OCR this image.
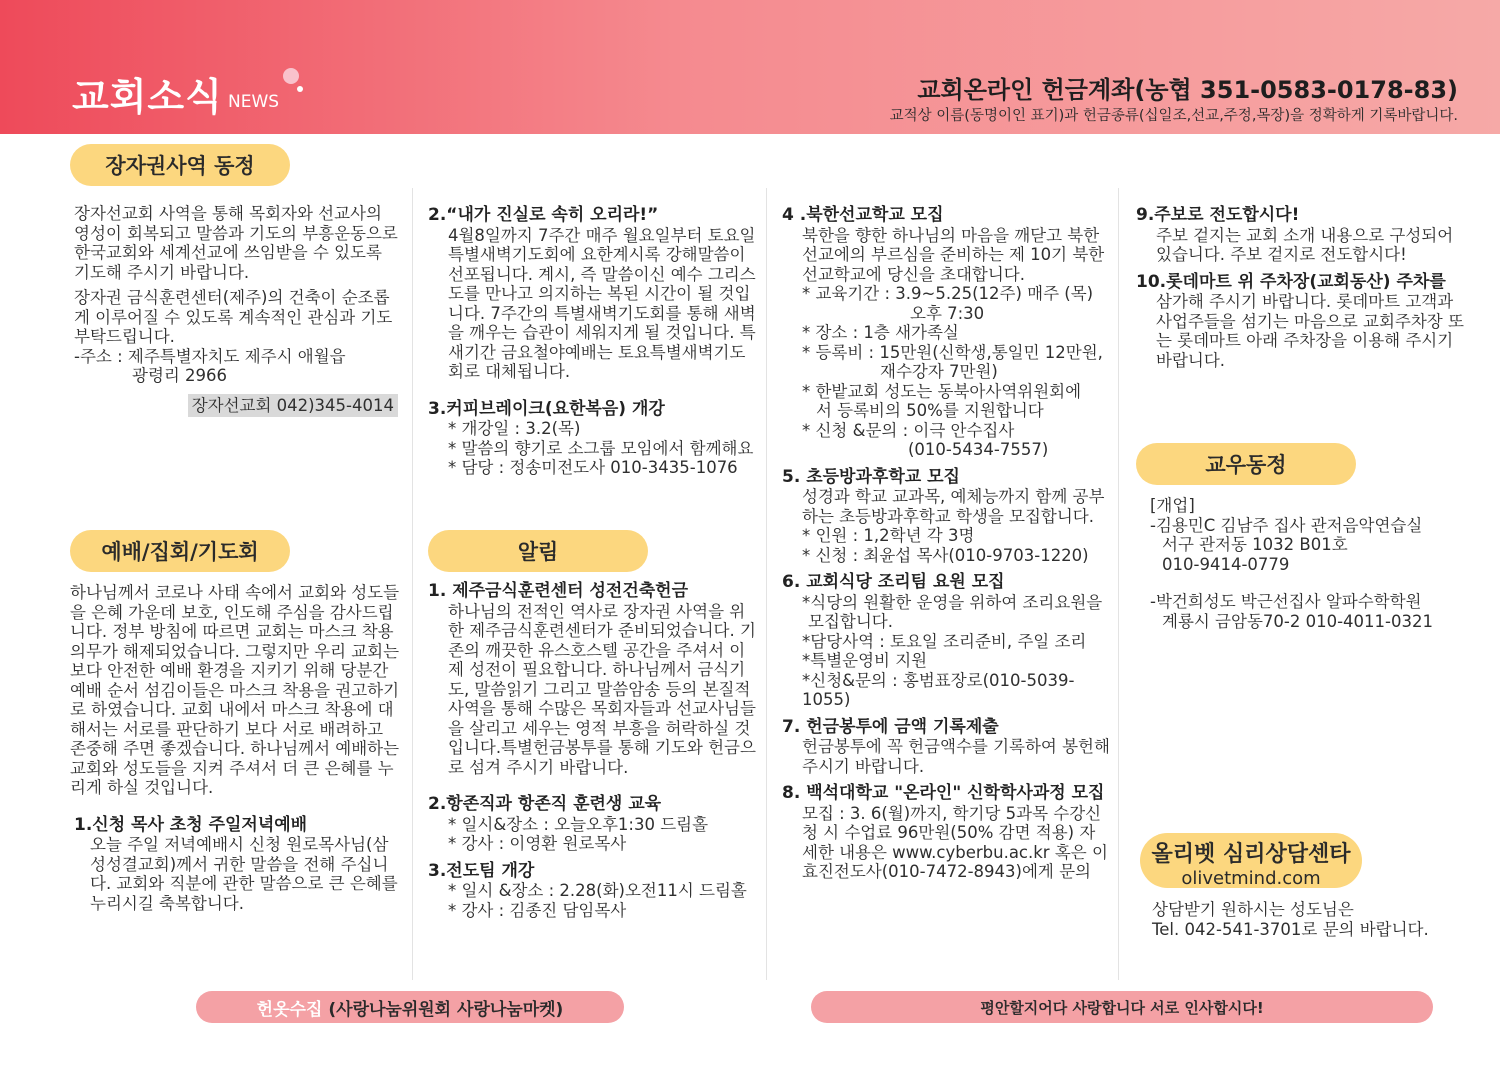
교회소식 NEWS	교회온라인 헌금계좌(농협 351-0583-0178-83)
교적상 이름(동명이인 표기)과 헌금종류(십일조,선교,주정,목장)을 정확하게 기록바랍니다.
장자권사역 동정
예배/집회/기도회	알림
교우동정
장자선교회 사역을 통해 목회자와 선교사의 영성이 회복되고 말씀과 기도의 부흥운동으로 한국교회와 세계선교에 쓰임받을 수 있도록 기도해 주시기 바랍니다.
장자권 금식훈련센터(제주)의 건축이 순조롭게 이루어질 수 있도록 계속적인 관심과 기도 부탁드립니다.
-주소 : 제주특별자치도 제주시 애월읍
광령리 2966
장자선교회 042)345-4014
하나님께서 코로나 사태 속에서 교회와 성도들을 은혜 가운데 보호, 인도해 주심을 감사드립니다. 정부 방침에 따르면 교회는 마스크 착용의무가 해제되었습니다. 그렇지만 우리 교회는 보다 안전한 예배 환경을 지키기 위해 당분간 예배 순서 섬김이들은 마스크 착용을 권고하기로 하였습니다. 교회 내에서 마스크 착용에 대해서는 서로를 판단하기 보다 서로 배려하고 존중해 주면 좋겠습니다. 하나님께서 예배하는 교회와 성도들을 지켜 주셔서 더 큰 은혜를 누리게 하실 것입니다.
1.신청 목사 초청 주일저녁예배
오늘 주일 저녁예배시 신청 원로목사님(삼성성결교회)께서 귀한 말씀을 전해 주십니다. 교회와 직분에 관한 말씀으로 큰 은혜를 누리시길 축복합니다.
2.“내가 진실로 속히 오리라!”
4월8일까지 7주간 매주 월요일부터 토요일 특별새벽기도회에 요한계시록 강해말씀이 선포됩니다. 계시, 즉 말씀이신 예수 그리스도를 만나고 의지하는 복된 시간이 될 것입니다. 7주간의 특별새벽기도회를 통해 새벽을 깨우는 습관이 세워지게 될 것입니다. 특새기간 금요철야예배는 토요특별새벽기도회로 대체됩니다.
3.커피브레이크(요한복음) 개강
* 개강일 : 3.2(목)
* 말씀의 향기로 소그룹 모임에서 함께해요
* 담당 : 정송미전도사 010-3435-1076
1. 제주금식훈련센터 성전건축헌금
하나님의 전적인 역사로 장자권 사역을 위한 제주금식훈련센터가 준비되었습니다. 기존의 깨끗한 유스호스텔 공간을 주셔서 이제 성전이 필요합니다. 하나님께서 금식기도, 말씀읽기 그리고 말씀암송 등의 본질적 사역을 통해 수많은 목회자들과 선교사님들을 살리고 세우는 영적 부흥을 허락하실 것입니다.특별헌금봉투를 통해 기도와 헌금으로 섬겨 주시기 바랍니다.
2.항존직과 항존직 훈련생 교육
* 일시&장소 : 오늘오후1:30 드림홀
* 강사 : 이영환 원로목사
3.전도팀 개강
* 일시 &장소 : 2.28(화)오전11시 드림홀
* 강사 : 김종진 담임목사
4 .북한선교학교 모집
북한을 향한 하나님의 마음을 깨닫고 북한선교에의 부르심을 준비하는 제 10기 북한선교학교에 당신을 초대합니다.
* 교육기간 : 3.9~5.25(12주) 매주 (목)
오후 7:30
* 장소 : 1층 새가족실
* 등록비 : 15만원(신학생,통일민 12만원,
재수강자 7만원)
* 한밭교회 성도는 동북아사역위원회에
서 등록비의 50%를 지원합니다
* 신청 &문의 : 이극 안수집사
(010-5434-7557)
5. 초등방과후학교 모집
성경과 학교 교과목, 예체능까지 함께 공부하는 초등방과후학교 학생을 모집합니다.
* 인원 : 1,2학년 각 3명
* 신청 : 최윤섭 목사(010-9703-1220)
6. 교회식당 조리팀 요원 모집
*식당의 원활한 운영을 위하여 조리요원을
모집합니다.
*담당사역 : 토요일 조리준비, 주일 조리
*특별운영비 지원
*신청&문의 : 홍범표장로(010-5039-1055)
7. 헌금봉투에 금액 기록제출
헌금봉투에 꼭 헌금액수를 기록하여 봉헌해 주시기 바랍니다.
8. 백석대학교 "온라인" 신학학사과정 모집
모집 : 3. 6(월)까지, 학기당 5과목 수강신청 시 수업료 96만원(50% 감면 적용) 자세한 내용은 www.cyberbu.ac.kr 혹은 이효진전도사(010-7472-8943)에게 문의
9.주보로 전도합시다!
주보 겉지는 교회 소개 내용으로 구성되어 있습니다. 주보 겉지로 전도합시다!
10.롯데마트 위 주차장(교회동산) 주차를
삼가해 주시기 바랍니다. 롯데마트 고객과 사업주들을 섬기는 마음으로 교회주차장 또는 롯데마트 아래 주차장을 이용해 주시기 바랍니다.
[개업]
-김용민C 김남주 집사 관저음악연습실
서구 관저동 1032 B01호
010-9414-0779
-박건희성도 박근선집사 알파수학학원
계룡시 금암동70-2 010-4011-0321
올리벳 심리상담센타
olivetmind.com
상담받기 원하시는 성도님은
Tel. 042-541-3701로 문의 바랍니다.
헌옷수집 (사랑나눔위원회 사랑나눔마켓)	평안할지어다 사랑합니다 서로 인사합시다!
